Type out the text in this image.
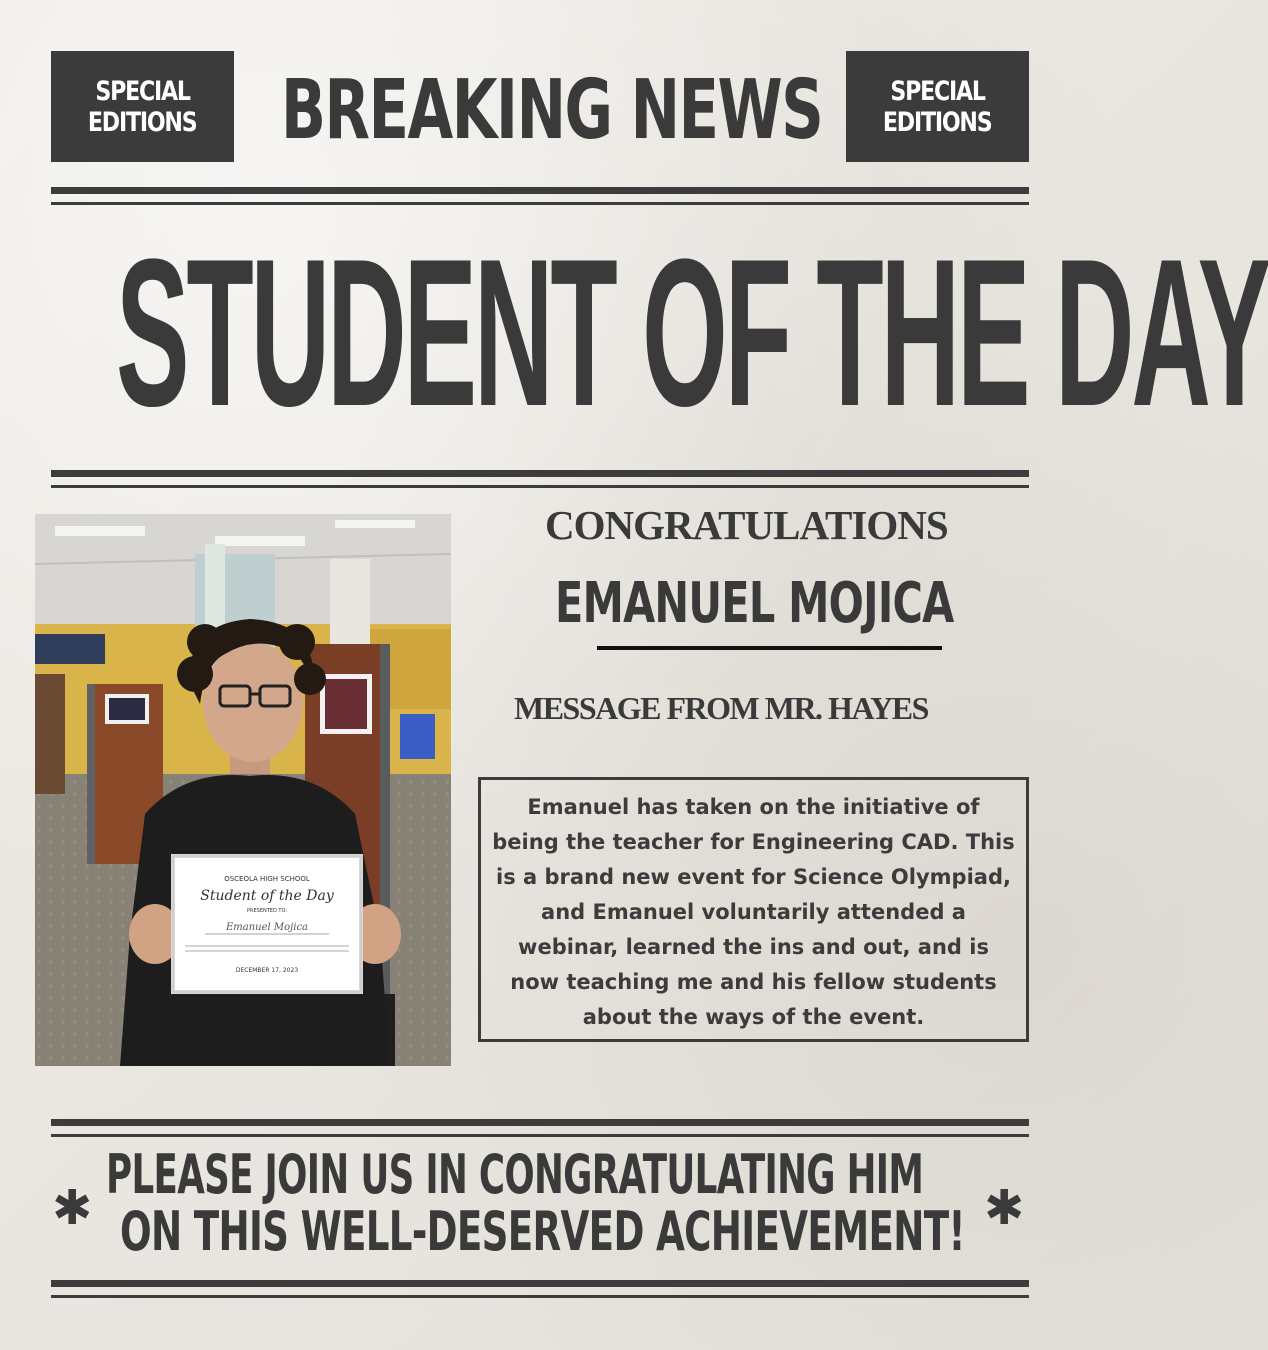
SPECIAL
EDITIONS
SPECIAL
EDITIONS
BREAKING NEWS
STUDENT OF THE DAY
OSCEOLA HIGH SCHOOL
Student of the Day
PRESENTED TO:
Emanuel Mojica
DECEMBER 17, 2023
CONGRATULATIONS
EMANUEL MOJICA
MESSAGE FROM MR. HAYES
Emanuel has taken on the initiative of
being the teacher for Engineering CAD. This
is a brand new event for Science Olympiad,
and Emanuel voluntarily attended a
webinar, learned the ins and out, and is
now teaching me and his fellow students
about the ways of the event.
✱	✱
PLEASE JOIN US IN CONGRATULATING HIM
ON THIS WELL-DESERVED ACHIEVEMENT!
